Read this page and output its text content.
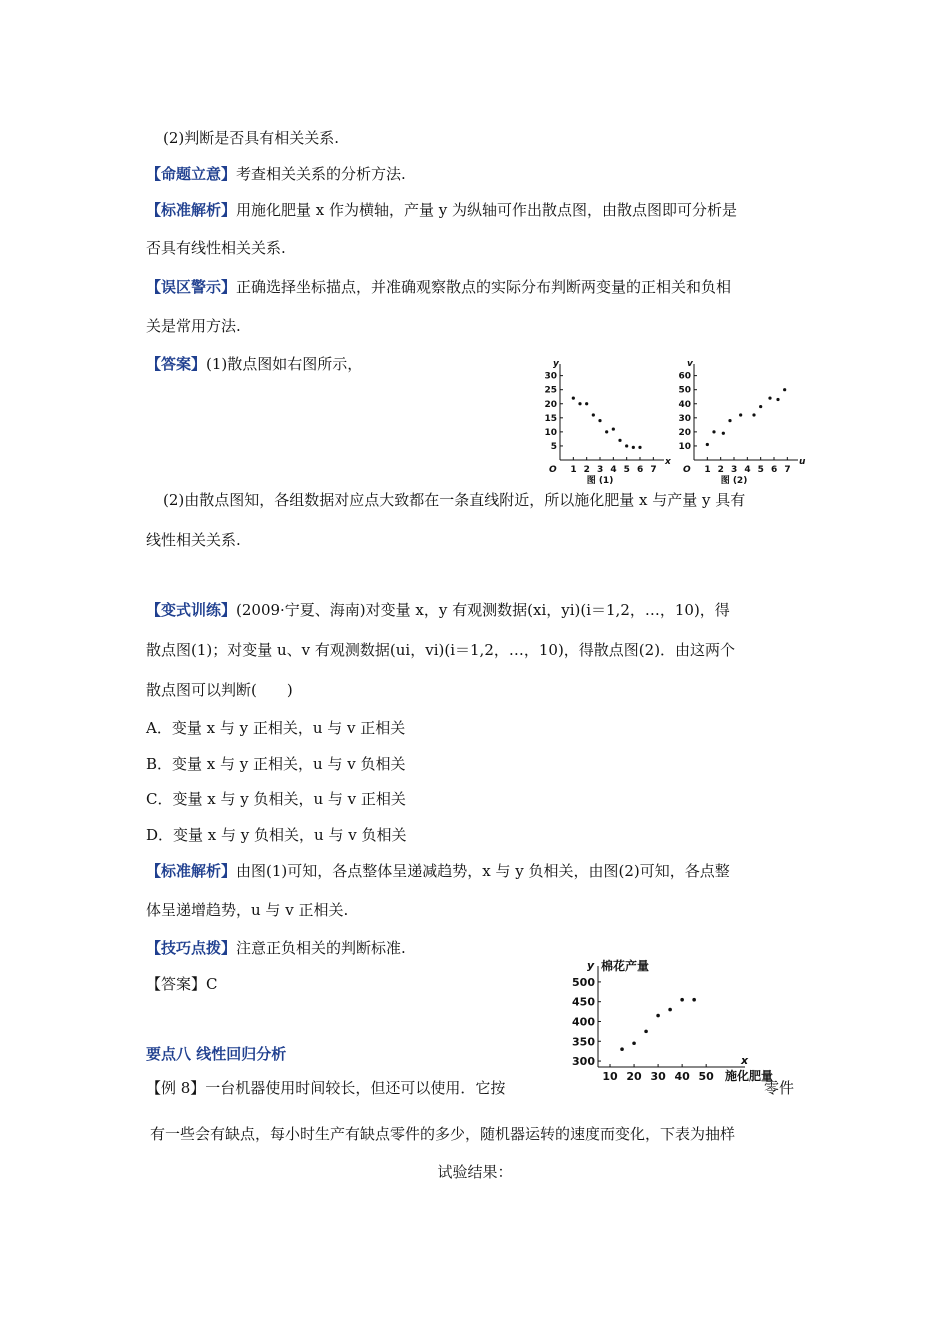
(2)判断是否具有相关关系.
【命题立意】考查相关关系的分析方法.
【标准解析】用施化肥量 x 作为横轴，产量 y 为纵轴可作出散点图，由散点图即可分析是
否具有线性相关关系.
【误区警示】正确选择坐标描点，并准确观察散点的实际分布判断两变量的正相关和负相
关是常用方法.
【答案】(1)散点图如右图所示，
x
y
O 1 2 3 4 5 6 7
5
10
15
20
25
30
图 (1)
u
v
O 1 2 3 4 5 6 7
10
20
30
40
50
60
图 (2)
(2)由散点图知，各组数据对应点大致都在一条直线附近，所以施化肥量 x 与产量 y 具有
线性相关关系.
【变式训练】(2009·宁夏、海南)对变量 x，y 有观测数据(xi，yi)(i＝1,2，…，10)，得
散点图(1)；对变量 u、v 有观测数据(ui，vi)(i＝1,2，…，10)，得散点图(2)．由这两个
散点图可以判断(　　)
A．变量 x 与 y 正相关，u 与 v 正相关
B．变量 x 与 y 正相关，u 与 v 负相关
C．变量 x 与 y 负相关，u 与 v 正相关
D．变量 x 与 y 负相关，u 与 v 负相关
【标准解析】由图(1)可知，各点整体呈递减趋势，x 与 y 负相关，由图(2)可知，各点整
体呈递增趋势，u 与 v 正相关.
【技巧点拨】注意正负相关的判断标准.
【答案】C
y 棉花产量
x
施化肥量
10 20 30 40 50
300
350
400
450
500
要点八 线性回归分析
【例 8】一台机器使用时间较长，但还可以使用．它按	零件
有一些会有缺点，每小时生产有缺点零件的多少，随机器运转的速度而变化，下表为抽样
试验结果：
